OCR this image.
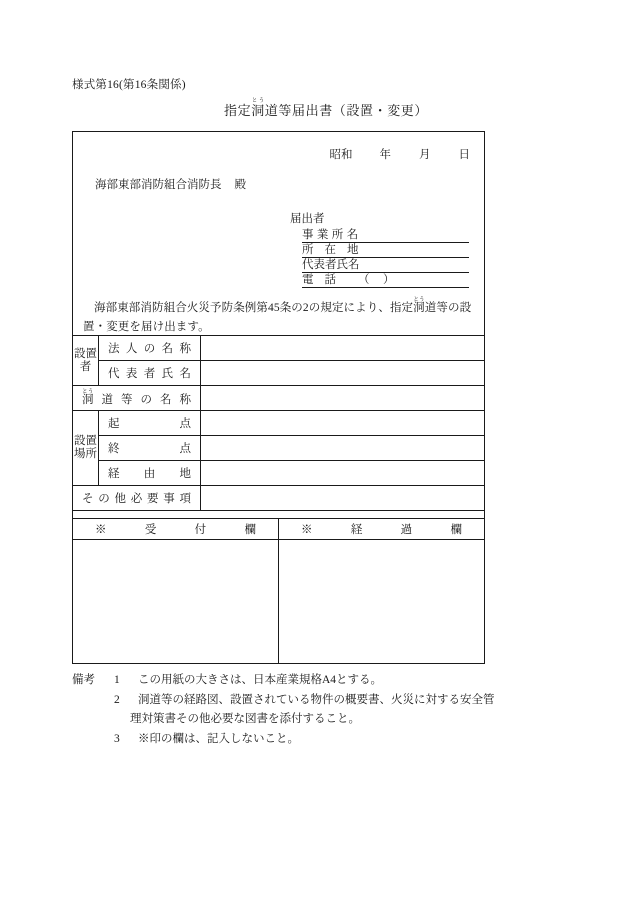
様式第16(第16条関係)
指定洞とう道等届出書（設置・変更）
昭和 年 月 日
海部東部消防組合消防長 殿
届出者
事業所名
所在地
代表者氏名
電話 （　）
海部東部消防組合火災予防条例第45条の2の規定により、指定洞とう道等の設置・変更を届け出ます。
設置者	法人の名称	

	代表者氏名	

洞とう道等の名称		

設置場所	起点	

	終点	

	経由地	

その他必要事項		

※　受　付　欄	※　経　過　欄

備考	1	この用紙の大きさは、日本産業規格A4とする。
2	洞道等の経路図、設置されている物件の概要書、火災に対する安全管
理対策書その他必要な図書を添付すること。
3	※印の欄は、記入しないこと。
